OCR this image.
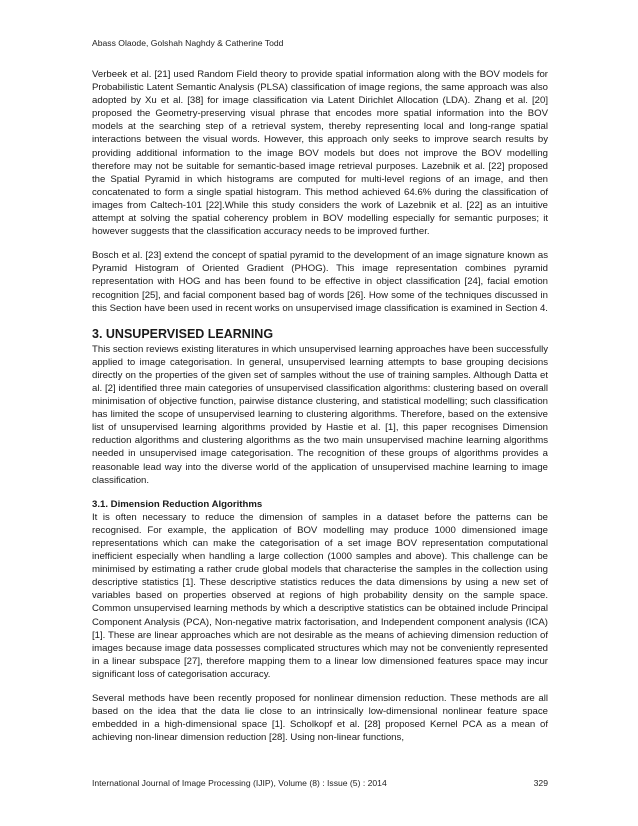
Abass Olaode, Golshah Naghdy & Catherine Todd

Verbeek et al. [21] used Random Field theory to provide spatial information along with the BOV models for Probabilistic Latent Semantic Analysis (PLSA) classification of image regions, the same approach was also adopted by Xu et al. [38] for image classification via Latent Dirichlet Allocation (LDA). Zhang et al. [20] proposed the Geometry-preserving visual phrase that encodes more spatial information into the BOV models at the searching step of a retrieval system, thereby representing local and long-range spatial interactions between the visual words. However, this approach only seeks to improve search results by providing additional information to the image BOV models but does not improve the BOV modelling therefore may not be suitable for semantic-based image retrieval purposes. Lazebnik et al. [22] proposed the Spatial Pyramid in which histograms are computed for multi-level regions of an image, and then concatenated to form a single spatial histogram. This method achieved 64.6% during the classification of images from Caltech-101 [22].While this study considers the work of Lazebnik et al. [22] as an intuitive attempt at solving the spatial coherency problem in BOV modelling especially for semantic purposes; it however suggests that the classification accuracy needs to be improved further.

Bosch et al. [23] extend the concept of spatial pyramid to the development of an image signature known as Pyramid Histogram of Oriented Gradient (PHOG). This image representation combines pyramid representation with HOG and has been found to be effective in object classification [24], facial emotion recognition [25], and facial component based bag of words [26]. How some of the techniques discussed in this Section have been used in recent works on unsupervised image classification is examined in Section 4.

3. UNSUPERVISED LEARNING

This section reviews existing literatures in which unsupervised learning approaches have been successfully applied to image categorisation. In general, unsupervised learning attempts to base grouping decisions directly on the properties of the given set of samples without the use of training samples. Although Datta et al. [2] identified three main categories of unsupervised classification algorithms: clustering based on overall minimisation of objective function, pairwise distance clustering, and statistical modelling; such classification has limited the scope of unsupervised learning to clustering algorithms. Therefore, based on the extensive list of unsupervised learning algorithms provided by Hastie et al. [1], this paper recognises Dimension reduction algorithms and clustering algorithms as the two main unsupervised machine learning algorithms needed in unsupervised image categorisation. The recognition of these groups of algorithms provides a reasonable lead way into the diverse world of the application of unsupervised machine learning to image classification.

3.1. Dimension Reduction Algorithms

It is often necessary to reduce the dimension of samples in a dataset before the patterns can be recognised. For example, the application of BOV modelling may produce 1000 dimensioned image representations which can make the categorisation of a set image BOV representation computational inefficient especially when handling a large collection (1000 samples and above). This challenge can be minimised by estimating a rather crude global models that characterise the samples in the collection using descriptive statistics [1]. These descriptive statistics reduces the data dimensions by using a new set of variables based on properties observed at regions of high probability density on the sample space. Common unsupervised learning methods by which a descriptive statistics can be obtained include Principal Component Analysis (PCA), Non-negative matrix factorisation, and Independent component analysis (ICA) [1]. These are linear approaches which are not desirable as the means of achieving dimension reduction of images because image data possesses complicated structures which may not be conveniently represented in a linear subspace [27], therefore mapping them to a linear low dimensioned features space may incur significant loss of categorisation accuracy.

Several methods have been recently proposed for nonlinear dimension reduction. These methods are all based on the idea that the data lie close to an intrinsically low-dimensional nonlinear feature space embedded in a high-dimensional space [1]. Scholkopf et al. [28] proposed Kernel PCA as a mean of achieving non-linear dimension reduction [28]. Using non-linear functions,

International Journal of Image Processing (IJIP), Volume (8) : Issue (5) : 2014	329
